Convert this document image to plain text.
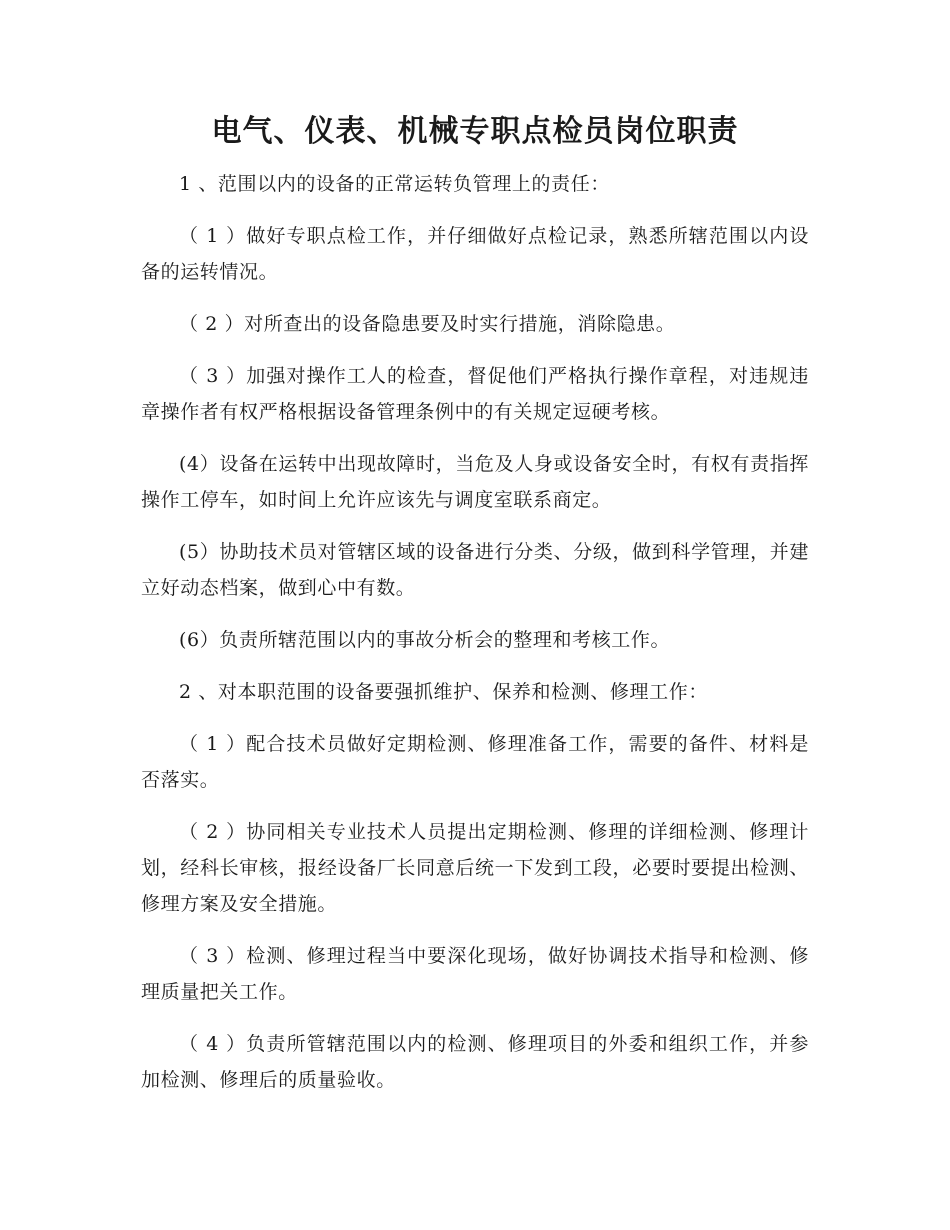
电气、仪表、机械专职点检员岗位职责

1 、范围以内的设备的正常运转负管理上的责任：

（ 1 ）做好专职点检工作，并仔细做好点检记录，熟悉所辖范围以内设备的运转情况。

（ 2 ）对所查出的设备隐患要及时实行措施，消除隐患。

（ 3 ）加强对操作工人的检查，督促他们严格执行操作章程，对违规违章操作者有权严格根据设备管理条例中的有关规定逗硬考核。

(4）设备在运转中出现故障时，当危及人身或设备安全时，有权有责指挥操作工停车，如时间上允许应该先与调度室联系商定。

(5）协助技术员对管辖区域的设备进行分类、分级，做到科学管理，并建立好动态档案，做到心中有数。

(6）负责所辖范围以内的事故分析会的整理和考核工作。

2 、对本职范围的设备要强抓维护、保养和检测、修理工作：

（ 1 ）配合技术员做好定期检测、修理准备工作，需要的备件、材料是否落实。

（ 2 ）协同相关专业技术人员提出定期检测、修理的详细检测、修理计划，经科长审核，报经设备厂长同意后统一下发到工段，必要时要提出检测、修理方案及安全措施。

（ 3 ）检测、修理过程当中要深化现场，做好协调技术指导和检测、修理质量把关工作。

（ 4 ）负责所管辖范围以内的检测、修理项目的外委和组织工作，并参加检测、修理后的质量验收。
